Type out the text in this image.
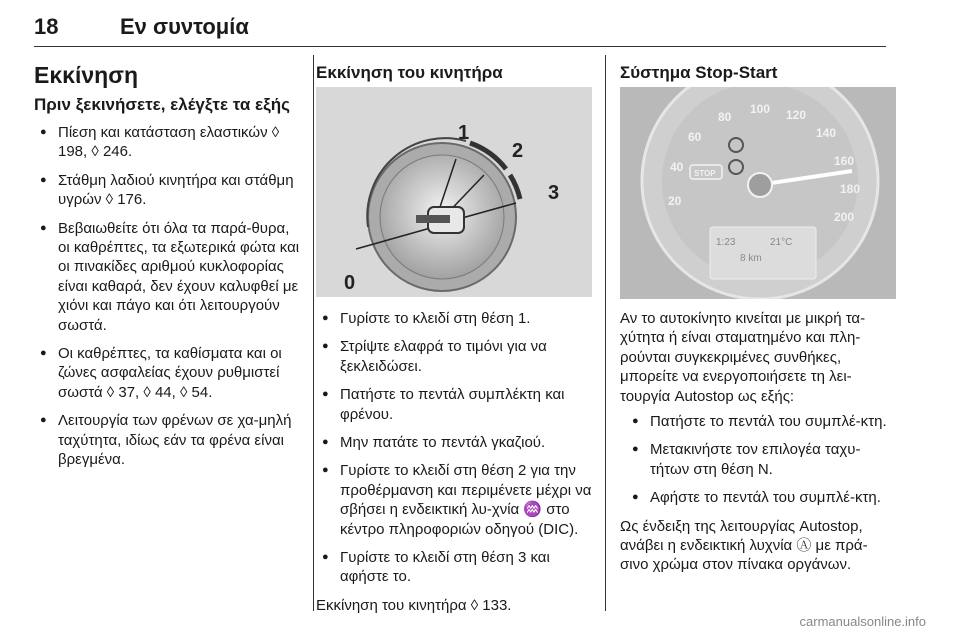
18	Εν συντομία
Εκκίνηση
Πριν ξεκινήσετε, ελέγξτε τα εξής
● Πίεση και κατάσταση ελαστικών ◊ 198, ◊ 246.
● Στάθμη λαδιού κινητήρα και στάθμη υγρών ◊ 176.
● Βεβαιωθείτε ότι όλα τα παρά-θυρα, οι καθρέπτες, τα εξωτερικά φώτα και οι πινακίδες αριθμού κυκλοφορίας είναι καθαρά, δεν έχουν καλυφθεί με χιόνι και πάγο και ότι λειτουργούν σωστά.
● Οι καθρέπτες, τα καθίσματα και οι ζώνες ασφαλείας έχουν ρυθμιστεί σωστά ◊ 37, ◊ 44, ◊ 54.
● Λειτουργία των φρένων σε χα-μηλή ταχύτητα, ιδίως εάν τα φρένα είναι βρεγμένα.
Εκκίνηση του κινητήρα
1
2
3
0
● Γυρίστε το κλειδί στη θέση 1.
● Στρίψτε ελαφρά το τιμόνι για να ξεκλειδώσει.
● Πατήστε το πεντάλ συμπλέκτη και φρένου.
● Μην πατάτε το πεντάλ γκαζιού.
● Γυρίστε το κλειδί στη θέση 2 για την προθέρμανση και περιμένετε μέχρι να σβήσει η ενδεικτική λυ-χνία ♒ στο κέντρο πληροφοριών οδηγού (DIC).
● Γυρίστε το κλειδί στη θέση 3 και αφήστε το.

Εκκίνηση του κινητήρα ◊ 133.

Σύστημα Stop-Start
20
40
60
80
100 120
140
160
180
200
STOP
1:23	21°C
8 km

Αν το αυτοκίνητο κινείται με μικρή τα-χύτητα ή είναι σταματημένο και πλη-ρούνται συγκεκριμένες συνθήκες, μπορείτε να ενεργοποιήσετε τη λει-τουργία Autostop ως εξής:

● Πατήστε το πεντάλ του συμπλέ-κτη.
● Μετακινήστε τον επιλογέα ταχυ-τήτων στη θέση N.
● Αφήστε το πεντάλ του συμπλέ-κτη.

Ως ένδειξη της λειτουργίας Autostop, ανάβει η ενδεικτική λυχνία Ⓐ με πρά-σινο χρώμα στον πίνακα οργάνων.

carmanualsonline.info
